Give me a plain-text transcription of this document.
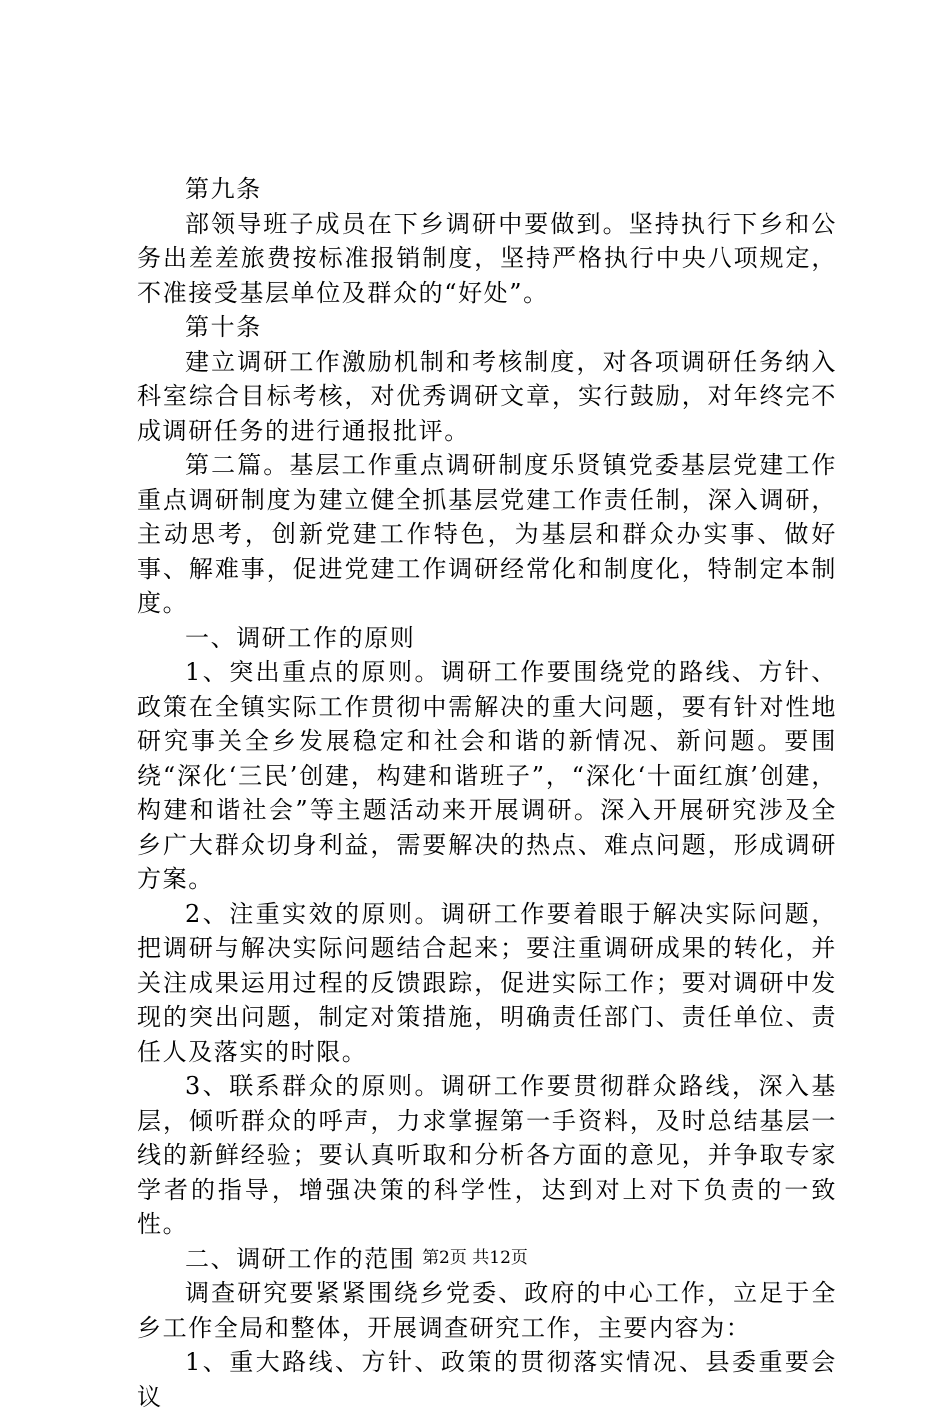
第九条

部领导班子成员在下乡调研中要做到。坚持执行下乡和公务出差差旅费按标准报销制度，坚持严格执行中央八项规定，不准接受基层单位及群众的“好处”。

第十条

建立调研工作激励机制和考核制度，对各项调研任务纳入科室综合目标考核，对优秀调研文章，实行鼓励，对年终完不成调研任务的进行通报批评。

第二篇。基层工作重点调研制度乐贤镇党委基层党建工作重点调研制度为建立健全抓基层党建工作责任制，深入调研，主动思考，创新党建工作特色，为基层和群众办实事、做好事、解难事，促进党建工作调研经常化和制度化，特制定本制度。

一、调研工作的原则

1、突出重点的原则。调研工作要围绕党的路线、方针、政策在全镇实际工作贯彻中需解决的重大问题，要有针对性地研究事关全乡发展稳定和社会和谐的新情况、新问题。要围绕“深化‘三民’创建，构建和谐班子”，“深化‘十面红旗’创建，构建和谐社会”等主题活动来开展调研。深入开展研究涉及全乡广大群众切身利益，需要解决的热点、难点问题，形成调研方案。

2、注重实效的原则。调研工作要着眼于解决实际问题，把调研与解决实际问题结合起来；要注重调研成果的转化，并关注成果运用过程的反馈跟踪，促进实际工作；要对调研中发现的突出问题，制定对策措施，明确责任部门、责任单位、责任人及落实的时限。

3、联系群众的原则。调研工作要贯彻群众路线，深入基层，倾听群众的呼声，力求掌握第一手资料，及时总结基层一线的新鲜经验；要认真听取和分析各方面的意见，并争取专家学者的指导，增强决策的科学性，达到对上对下负责的一致性。

二、调研工作的范围

调查研究要紧紧围绕乡党委、政府的中心工作，立足于全乡工作全局和整体，开展调查研究工作，主要内容为：

1、重大路线、方针、政策的贯彻落实情况、县委重要会议

第2页 共12页
